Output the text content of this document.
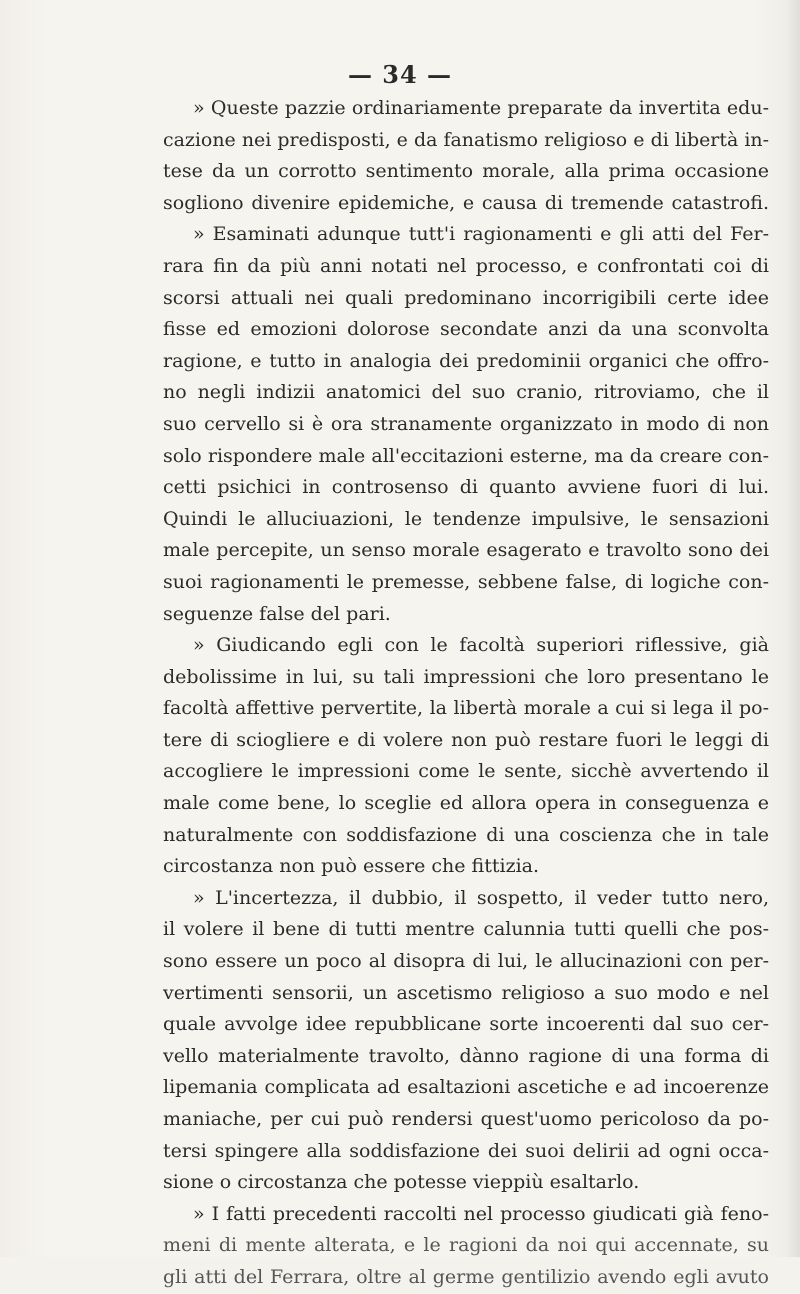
— 34 —
» Queste pazzie ordinariamente preparate da invertita edu-
cazione nei predisposti, e da fanatismo religioso e di libertà in-
tese da un corrotto sentimento morale, alla prima occasione
sogliono divenire epidemiche, e causa di tremende catastrofi.
» Esaminati adunque tutt'i ragionamenti e gli atti del Fer-
rara fin da più anni notati nel processo, e confrontati coi di
scorsi attuali nei quali predominano incorrigibili certe idee
fisse ed emozioni dolorose secondate anzi da una sconvolta
ragione, e tutto in analogia dei predominii organici che offro-
no negli indizii anatomici del suo cranio, ritroviamo, che il
suo cervello si è ora stranamente organizzato in modo di non
solo rispondere male all'eccitazioni esterne, ma da creare con-
cetti psichici in controsenso di quanto avviene fuori di lui.
Quindi le alluciuazioni, le tendenze impulsive, le sensazioni
male percepite, un senso morale esagerato e travolto sono dei
suoi ragionamenti le premesse, sebbene false, di logiche con-
seguenze false del pari.
» Giudicando egli con le facoltà superiori riflessive, già
debolissime in lui, su tali impressioni che loro presentano le
facoltà affettive pervertite, la libertà morale a cui si lega il po-
tere di sciogliere e di volere non può restare fuori le leggi di
accogliere le impressioni come le sente, sicchè avvertendo il
male come bene, lo sceglie ed allora opera in conseguenza e
naturalmente con soddisfazione di una coscienza che in tale
circostanza non può essere che fittizia.
» L'incertezza, il dubbio, il sospetto, il veder tutto nero,
il volere il bene di tutti mentre calunnia tutti quelli che pos-
sono essere un poco al disopra di lui, le allucinazioni con per-
vertimenti sensorii, un ascetismo religioso a suo modo e nel
quale avvolge idee repubblicane sorte incoerenti dal suo cer-
vello materialmente travolto, dànno ragione di una forma di
lipemania complicata ad esaltazioni ascetiche e ad incoerenze
maniache, per cui può rendersi quest'uomo pericoloso da po-
tersi spingere alla soddisfazione dei suoi delirii ad ogni occa-
sione o circostanza che potesse vieppiù esaltarlo.
» I fatti precedenti raccolti nel processo giudicati già feno-
meni di mente alterata, e le ragioni da noi qui accennate, su
gli atti del Ferrara, oltre al germe gentilizio avendo egli avuto
